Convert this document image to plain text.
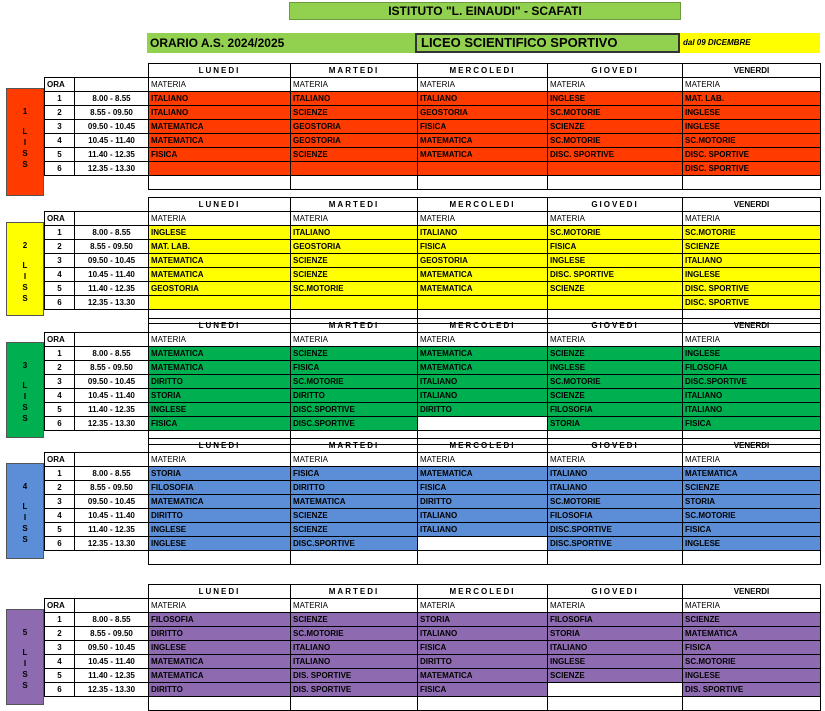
ISTITUTO "L. EINAUDI" - SCAFATI
ORARIO A.S. 2024/2025	LICEO SCIENTIFICO SPORTIVO	dal 09 DICEMBRE
1
L
I
S
S
		LUNEDI	MARTEDI	MERCOLEDI	GIOVEDI	VENERDI
ORA		MATERIA	MATERIA	MATERIA	MATERIA	MATERIA
1	8.00 - 8.55	ITALIANO	ITALIANO	ITALIANO	INGLESE	MAT. LAB.
2	8.55 - 09.50	ITALIANO	SCIENZE	GEOSTORIA	SC.MOTORIE	INGLESE
3	09.50 - 10.45	MATEMATICA	GEOSTORIA	FISICA	SCIENZE	INGLESE
4	10.45 - 11.40	MATEMATICA	GEOSTORIA	MATEMATICA	SC.MOTORIE	SC.MOTORIE
5	11.40 - 12.35	FISICA	SCIENZE	MATEMATICA	DISC. SPORTIVE	DISC. SPORTIVE
6	12.35 - 13.30					DISC. SPORTIVE

2
L
I
S
S
		LUNEDI	MARTEDI	MERCOLEDI	GIOVEDI	VENERDI
ORA		MATERIA	MATERIA	MATERIA	MATERIA	MATERIA
1	8.00 - 8.55	INGLESE	ITALIANO	ITALIANO	SC.MOTORIE	SC.MOTORIE
2	8.55 - 09.50	MAT. LAB.	GEOSTORIA	FISICA	FISICA	SCIENZE
3	09.50 - 10.45	MATEMATICA	SCIENZE	GEOSTORIA	INGLESE	ITALIANO
4	10.45 - 11.40	MATEMATICA	SCIENZE	MATEMATICA	DISC. SPORTIVE	INGLESE
5	11.40 - 12.35	GEOSTORIA	SC.MOTORIE	MATEMATICA	SCIENZE	DISC. SPORTIVE
6	12.35 - 13.30					DISC. SPORTIVE

3
L
I
S
S
		LUNEDI	MARTEDI	MERCOLEDI	GIOVEDI	VENERDI
ORA		MATERIA	MATERIA	MATERIA	MATERIA	MATERIA
1	8.00 - 8.55	MATEMATICA	SCIENZE	MATEMATICA	SCIENZE	INGLESE
2	8.55 - 09.50	MATEMATICA	FISICA	MATEMATICA	INGLESE	FILOSOFIA
3	09.50 - 10.45	DIRITTO	SC.MOTORIE	ITALIANO	SC.MOTORIE	DISC.SPORTIVE
4	10.45 - 11.40	STORIA	DIRITTO	ITALIANO	SCIENZE	ITALIANO
5	11.40 - 12.35	INGLESE	DISC.SPORTIVE	DIRITTO	FILOSOFIA	ITALIANO
6	12.35 - 13.30	FISICA	DISC.SPORTIVE		STORIA	FISICA

4
L
I
S
S
		LUNEDI	MARTEDI	MERCOLEDI	GIOVEDI	VENERDI
ORA		MATERIA	MATERIA	MATERIA	MATERIA	MATERIA
1	8.00 - 8.55	STORIA	FISICA	MATEMATICA	ITALIANO	MATEMATICA
2	8.55 - 09.50	FILOSOFIA	DIRITTO	FISICA	ITALIANO	SCIENZE
3	09.50 - 10.45	MATEMATICA	MATEMATICA	DIRITTO	SC.MOTORIE	STORIA
4	10.45 - 11.40	DIRITTO	SCIENZE	ITALIANO	FILOSOFIA	SC.MOTORIE
5	11.40 - 12.35	INGLESE	SCIENZE	ITALIANO	DISC.SPORTIVE	FISICA
6	12.35 - 13.30	INGLESE	DISC.SPORTIVE		DISC.SPORTIVE	INGLESE

5
L
I
S
S
		LUNEDI	MARTEDI	MERCOLEDI	GIOVEDI	VENERDI
ORA		MATERIA	MATERIA	MATERIA	MATERIA	MATERIA
1	8.00 - 8.55	FILOSOFIA	SCIENZE	STORIA	FILOSOFIA	SCIENZE
2	8.55 - 09.50	DIRITTO	SC.MOTORIE	ITALIANO	STORIA	MATEMATICA
3	09.50 - 10.45	INGLESE	ITALIANO	FISICA	ITALIANO	FISICA
4	10.45 - 11.40	MATEMATICA	ITALIANO	DIRITTO	INGLESE	SC.MOTORIE
5	11.40 - 12.35	MATEMATICA	DIS. SPORTIVE	MATEMATICA	SCIENZE	INGLESE
6	12.35 - 13.30	DIRITTO	DIS. SPORTIVE	FISICA		DIS. SPORTIVE
